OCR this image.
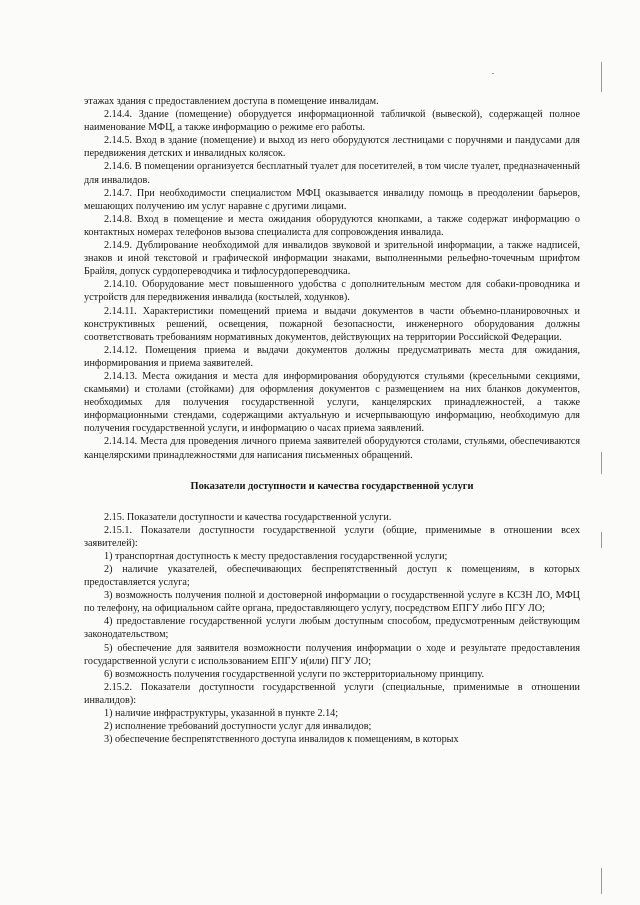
этажах здания с предоставлением доступа в помещение инвалидам.

2.14.4. Здание (помещение) оборудуется информационной табличкой (вывеской), содержащей полное наименование МФЦ, а также информацию о режиме его работы.

2.14.5. Вход в здание (помещение) и выход из него оборудуются лестницами с поручнями и пандусами для передвижения детских и инвалидных колясок.

2.14.6. В помещении организуется бесплатный туалет для посетителей, в том числе туалет, предназначенный для инвалидов.

2.14.7. При необходимости специалистом МФЦ оказывается инвалиду помощь в преодолении барьеров, мешающих получению им услуг наравне с другими лицами.

2.14.8. Вход в помещение и места ожидания оборудуются кнопками, а также содержат информацию о контактных номерах телефонов вызова специалиста для сопровождения инвалида.

2.14.9. Дублирование необходимой для инвалидов звуковой и зрительной информации, а также надписей, знаков и иной текстовой и графической информации знаками, выполненными рельефно-точечным шрифтом Брайля, допуск сурдопереводчика и тифлосурдопереводчика.

2.14.10. Оборудование мест повышенного удобства с дополнительным местом для собаки-проводника и устройств для передвижения инвалида (костылей, ходунков).

2.14.11. Характеристики помещений приема и выдачи документов в части объемно-планировочных и конструктивных решений, освещения, пожарной безопасности, инженерного оборудования должны соответствовать требованиям нормативных документов, действующих на территории Российской Федерации.

2.14.12. Помещения приема и выдачи документов должны предусматривать места для ожидания, информирования и приема заявителей.

2.14.13. Места ожидания и места для информирования оборудуются стульями (кресельными секциями, скамьями) и столами (стойками) для оформления документов с размещением на них бланков документов, необходимых для получения государственной услуги, канцелярских принадлежностей, а также информационными стендами, содержащими актуальную и исчерпывающую информацию, необходимую для получения государственной услуги, и информацию о часах приема заявлений.

2.14.14. Места для проведения личного приема заявителей оборудуются столами, стульями, обеспечиваются канцелярскими принадлежностями для написания письменных обращений.

Показатели доступности и качества государственной услуги

2.15. Показатели доступности и качества государственной услуги.

2.15.1. Показатели доступности государственной услуги (общие, применимые в отношении всех заявителей):

1) транспортная доступность к месту предоставления государственной услуги;

2) наличие указателей, обеспечивающих беспрепятственный доступ к помещениям, в которых предоставляется услуга;

3) возможность получения полной и достоверной информации о государственной услуге в КСЗН ЛО, МФЦ по телефону, на официальном сайте органа, предоставляющего услугу, посредством ЕПГУ либо ПГУ ЛО;

4) предоставление государственной услуги любым доступным способом, предусмотренным действующим законодательством;

5) обеспечение для заявителя возможности получения информации о ходе и результате предоставления государственной услуги с использованием ЕПГУ и(или) ПГУ ЛО;

6) возможность получения государственной услуги по экстерриториальному принципу.

2.15.2. Показатели доступности государственной услуги (специальные, применимые в отношении инвалидов):

1) наличие инфраструктуры, указанной в пункте 2.14;

2) исполнение требований доступности услуг для инвалидов;

3) обеспечение беспрепятственного доступа инвалидов к помещениям, в которых
